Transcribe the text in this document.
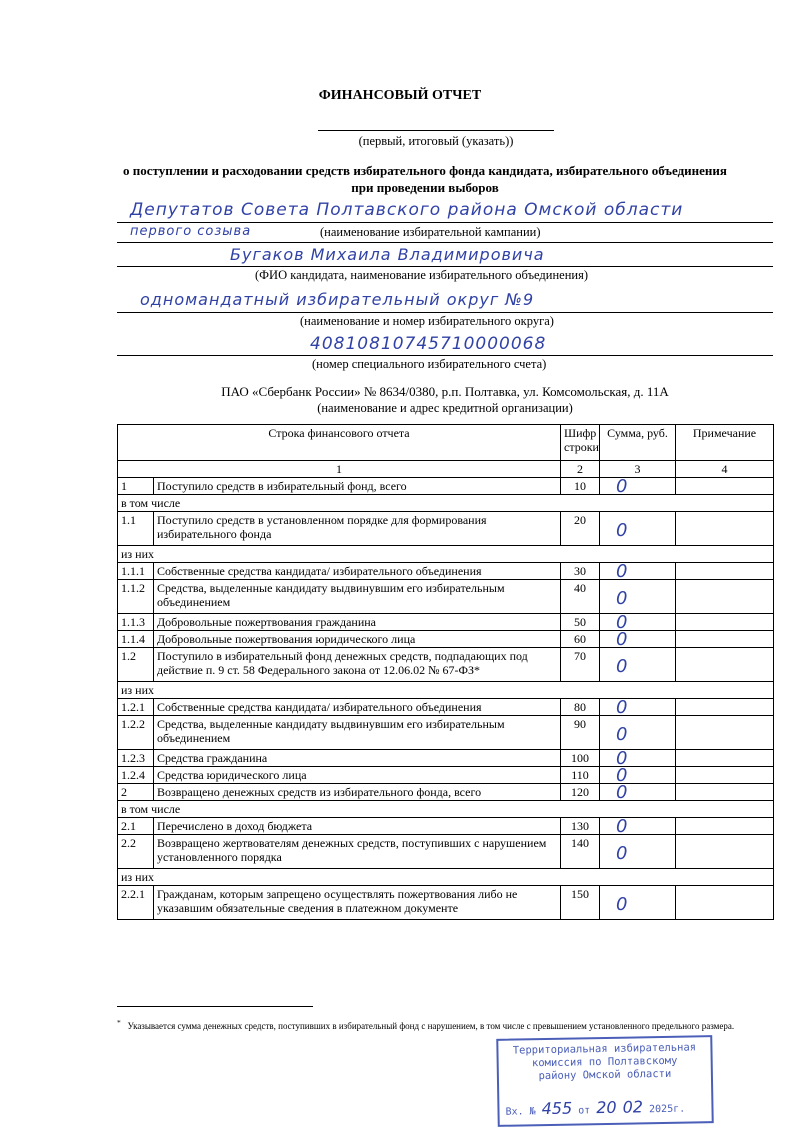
ФИНАНСОВЫЙ ОТЧЕТ
(первый, итоговый (указать))
о поступлении и расходовании средств избирательного фонда кандидата, избирательного объединения
при проведении выборов
Депутатов Совета Полтавского района Омской области
первого созыва	(наименование избирательной кампании)
Бугаков Михаила Владимировича
(ФИО кандидата, наименование избирательного объединения)
одномандатный избирательный округ №9
(наименование и номер избирательного округа)
40810810745710000068
(номер специального избирательного счета)
ПАО «Сбербанк России» № 8634/0380, р.п. Полтавка, ул. Комсомольская, д. 11А
(наименование и адрес кредитной организации)
Строка финансового отчета		Шифр строки	Сумма, руб.	Примечание
1		2	3	4
1	Поступило средств в избирательный фонд, всего	10	0	

в том числе				
1.1	Поступило средств в установленном порядке для формирования избирательного фонда	20	0	

из них				
1.1.1	Собственные средства кандидата/ избирательного объединения	30	0	

1.1.2	Средства, выделенные кандидату выдвинувшим его избирательным объединением	40	0	

1.1.3	Добровольные пожертвования гражданина	50	0	

1.1.4	Добровольные пожертвования юридического лица	60	0	

1.2	Поступило в избирательный фонд денежных средств, подпадающих под действие п. 9 ст. 58 Федерального закона от 12.06.02 № 67-ФЗ*	70	0	

из них				
1.2.1	Собственные средства кандидата/ избирательного объединения	80	0	

1.2.2	Средства, выделенные кандидату выдвинувшим его избирательным объединением	90	0	

1.2.3	Средства гражданина	100	0	

1.2.4	Средства юридического лица	110	0	

2	Возвращено денежных средств из избирательного фонда, всего	120	0	

в том числе				
2.1	Перечислено в доход бюджета	130	0	

2.2	Возвращено жертвователям денежных средств, поступивших с нарушением установленного порядка	140	0	

из них				
2.2.1	Гражданам, которым запрещено осуществлять пожертвования либо не указавшим обязательные сведения в платежном документе	150	0	

* Указывается сумма денежных средств, поступивших в избирательный фонд с нарушением, в том числе с превышением установленного предельного размера.
Территориальная избирательная
комиссия по Полтавскому
району Омской области
Вх. № 455 от 20 02 2025г.
